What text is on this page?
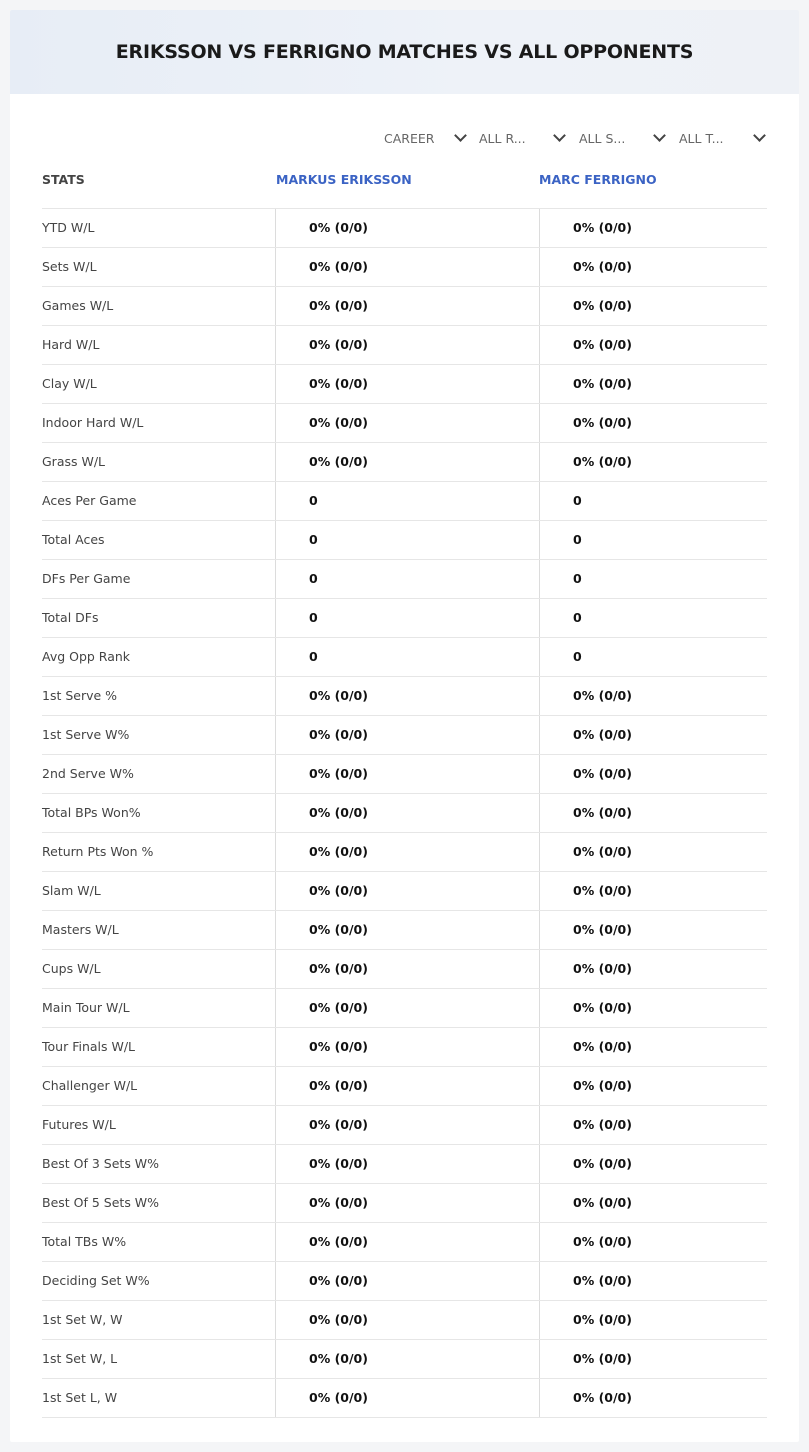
ERIKSSON VS FERRIGNO MATCHES VS ALL OPPONENTS
CAREER	ALL R...	ALL S...	ALL T...
STATS	MARKUS ERIKSSON	MARC FERRIGNO
YTD W/L	0% (0/0)	0% (0/0)
Sets W/L	0% (0/0)	0% (0/0)
Games W/L	0% (0/0)	0% (0/0)
Hard W/L	0% (0/0)	0% (0/0)
Clay W/L	0% (0/0)	0% (0/0)
Indoor Hard W/L	0% (0/0)	0% (0/0)
Grass W/L	0% (0/0)	0% (0/0)
Aces Per Game	0	0
Total Aces	0	0
DFs Per Game	0	0
Total DFs	0	0
Avg Opp Rank	0	0
1st Serve %	0% (0/0)	0% (0/0)
1st Serve W%	0% (0/0)	0% (0/0)
2nd Serve W%	0% (0/0)	0% (0/0)
Total BPs Won%	0% (0/0)	0% (0/0)
Return Pts Won %	0% (0/0)	0% (0/0)
Slam W/L	0% (0/0)	0% (0/0)
Masters W/L	0% (0/0)	0% (0/0)
Cups W/L	0% (0/0)	0% (0/0)
Main Tour W/L	0% (0/0)	0% (0/0)
Tour Finals W/L	0% (0/0)	0% (0/0)
Challenger W/L	0% (0/0)	0% (0/0)
Futures W/L	0% (0/0)	0% (0/0)
Best Of 3 Sets W%	0% (0/0)	0% (0/0)
Best Of 5 Sets W%	0% (0/0)	0% (0/0)
Total TBs W%	0% (0/0)	0% (0/0)
Deciding Set W%	0% (0/0)	0% (0/0)
1st Set W, W	0% (0/0)	0% (0/0)
1st Set W, L	0% (0/0)	0% (0/0)
1st Set L, W	0% (0/0)	0% (0/0)
